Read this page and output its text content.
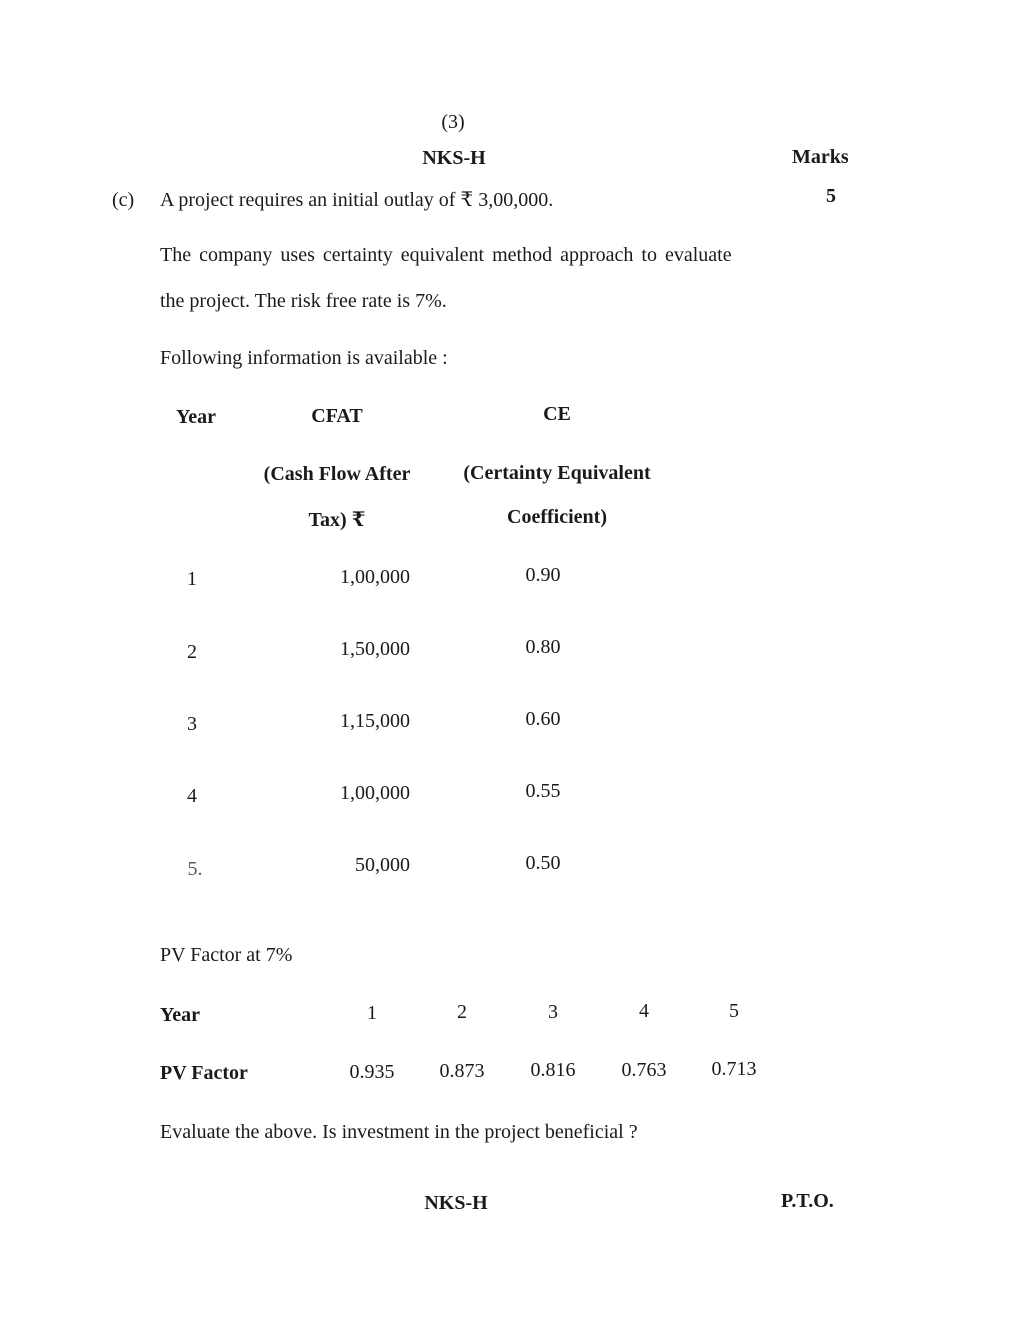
(3)
NKS-H	Marks
(c) A project requires an initial outlay of ₹ 3,00,000.	5
The company uses certainty equivalent method approach to evaluate
the project. The risk free rate is 7%.
Following information is available :
Year	CFAT	CE
(Cash Flow After	(Certainty Equivalent
Tax) ₹	Coefficient)
1	1,00,000	0.90
2	1,50,000	0.80
3	1,15,000	0.60
4	1,00,000	0.55
5.	50,000	0.50
PV Factor at 7%
Year	1	2	3	4	5
PV Factor	0.935 0.873 0.816 0.763 0.713
Evaluate the above. Is investment in the project beneficial ?
NKS-H	P.T.O.
